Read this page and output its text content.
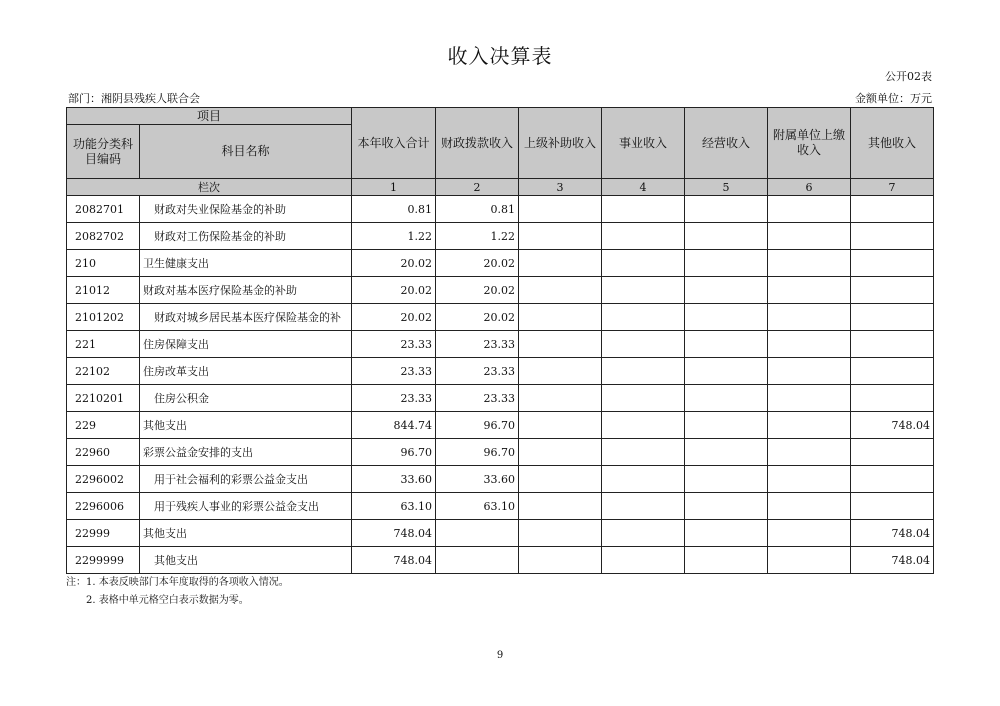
收入决算表
公开02表
部门：湘阴县残疾人联合会	金额单位：万元
项目		本年收入合计	财政拨款收入	上级补助收入	事业收入	经营收入	附属单位上缴收入	其他收入
功能分类科目编码	科目名称							
栏次		1	2	3	4	5	6	7
2082701	财政对失业保险基金的补助	0.81	0.81					
2082702	财政对工伤保险基金的补助	1.22	1.22					
210	卫生健康支出	20.02	20.02					
21012	财政对基本医疗保险基金的补助	20.02	20.02					
2101202	财政对城乡居民基本医疗保险基金的补	20.02	20.02					
221	住房保障支出	23.33	23.33					
22102	住房改革支出	23.33	23.33					
2210201	住房公积金	23.33	23.33					
229	其他支出	844.74	96.70					748.04
22960	彩票公益金安排的支出	96.70	96.70					
2296002	用于社会福利的彩票公益金支出	33.60	33.60					
2296006	用于残疾人事业的彩票公益金支出	63.10	63.10					
22999	其他支出	748.04						748.04
2299999	其他支出	748.04						748.04
注：1. 本表反映部门本年度取得的各项收入情况。
2. 表格中单元格空白表示数据为零。
9
